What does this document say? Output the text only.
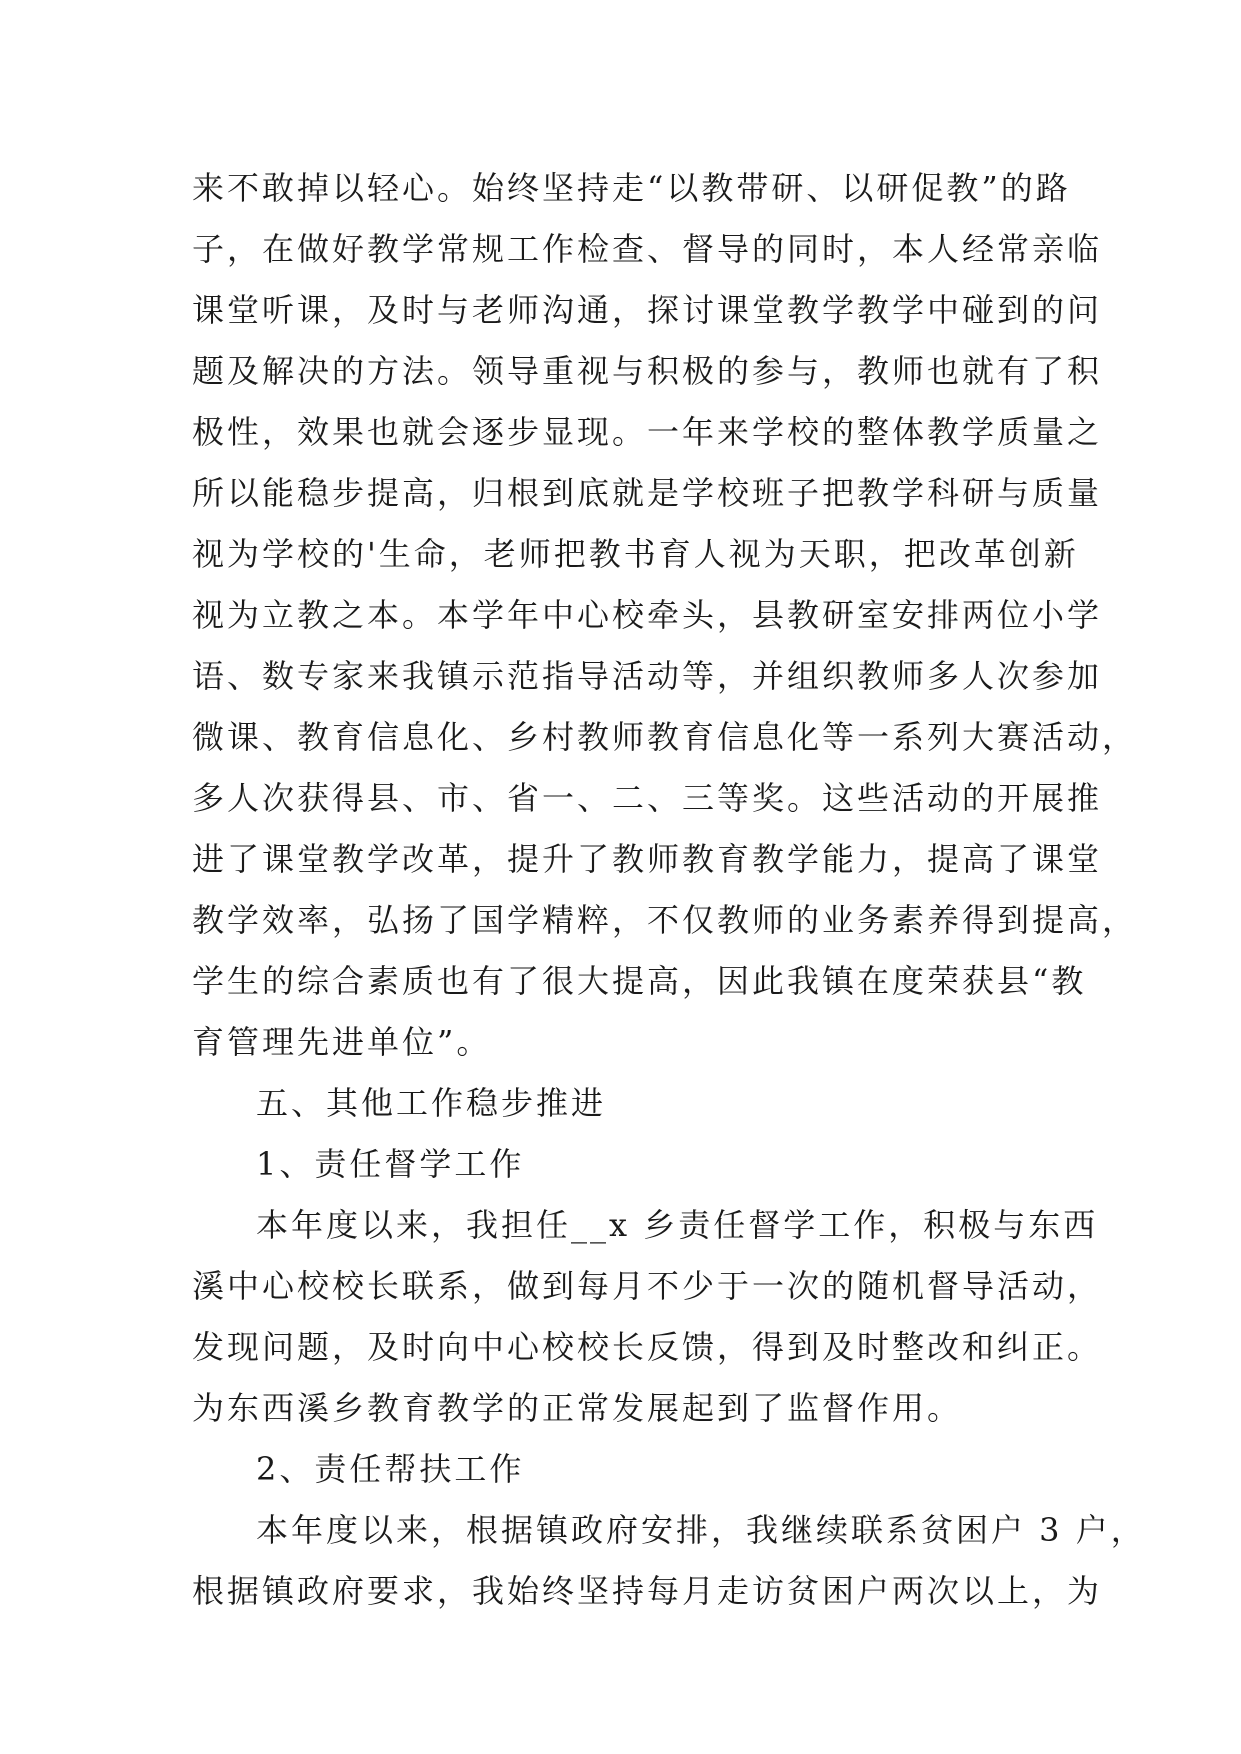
来不敢掉以轻心。始终坚持走“以教带研、以研促教”的路
子，在做好教学常规工作检查、督导的同时，本人经常亲临
课堂听课，及时与老师沟通，探讨课堂教学教学中碰到的问
题及解决的方法。领导重视与积极的参与，教师也就有了积
极性，效果也就会逐步显现。一年来学校的整体教学质量之
所以能稳步提高，归根到底就是学校班子把教学科研与质量
视为学校的'生命，老师把教书育人视为天职，把改革创新
视为立教之本。本学年中心校牵头，县教研室安排两位小学
语、数专家来我镇示范指导活动等，并组织教师多人次参加
微课、教育信息化、乡村教师教育信息化等一系列大赛活动，
多人次获得县、市、省一、二、三等奖。这些活动的开展推
进了课堂教学改革，提升了教师教育教学能力，提高了课堂
教学效率，弘扬了国学精粹，不仅教师的业务素养得到提高，
学生的综合素质也有了很大提高，因此我镇在度荣获县“教
育管理先进单位”。
五、其他工作稳步推进
1、责任督学工作
本年度以来，我担任__x 乡责任督学工作，积极与东西
溪中心校校长联系，做到每月不少于一次的随机督导活动，
发现问题，及时向中心校校长反馈，得到及时整改和纠正。
为东西溪乡教育教学的正常发展起到了监督作用。
2、责任帮扶工作
本年度以来，根据镇政府安排，我继续联系贫困户 3 户，
根据镇政府要求，我始终坚持每月走访贫困户两次以上，为
